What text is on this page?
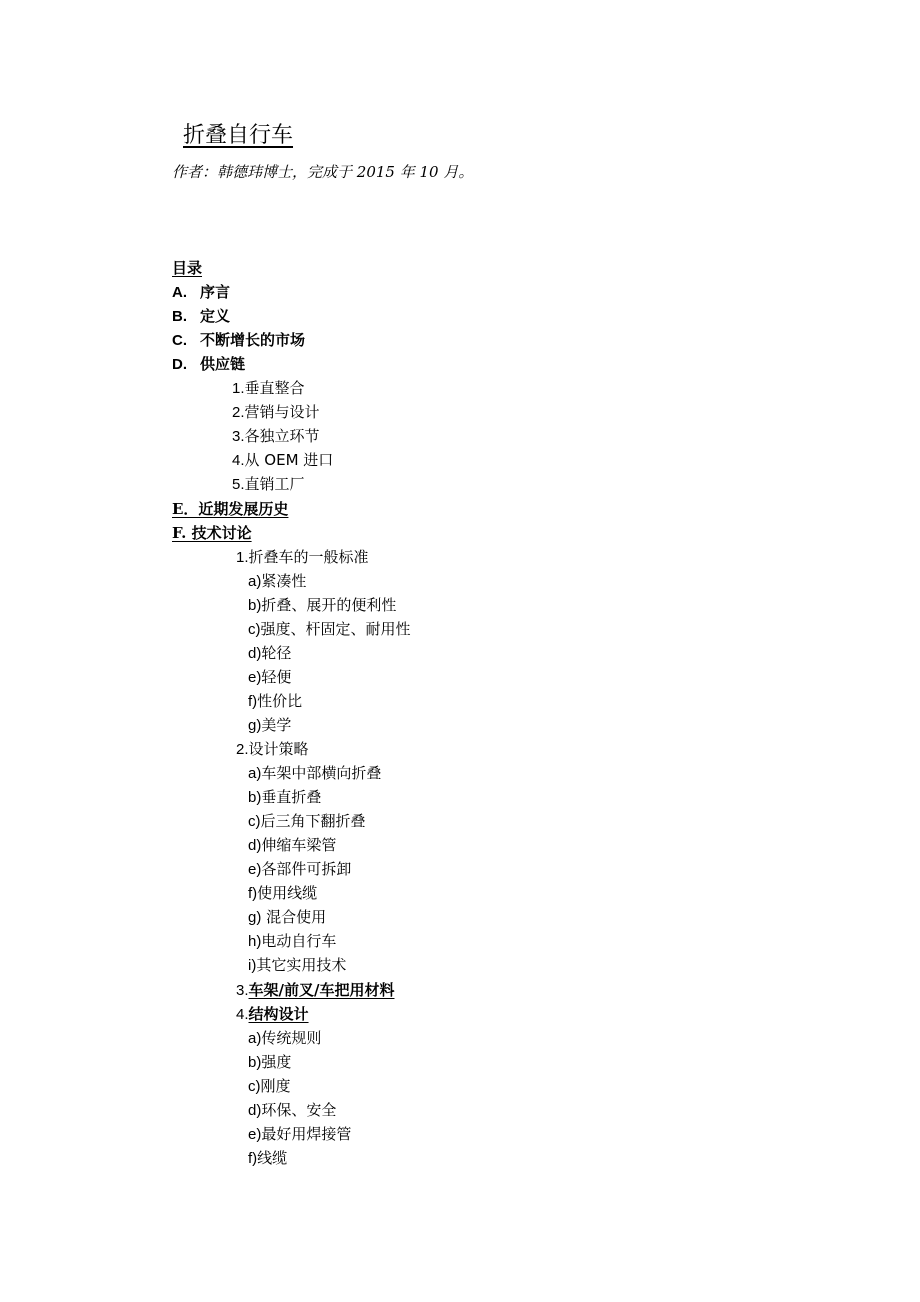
折叠自行车
作者：韩德玮博士，完成于 2015 年 10 月。
目录
A. 序言
B. 定义
C. 不断增长的市场
D. 供应链
1.垂直整合
2.营销与设计
3.各独立环节
4.从 OEM 进口
5.直销工厂
E．近期发展历史
F. 技术讨论
1.折叠车的一般标准
a)紧凑性
b)折叠、展开的便利性
c)强度、杆固定、耐用性
d)轮径
e)轻便
f)性价比
g)美学
2.设计策略
a)车架中部横向折叠
b)垂直折叠
c)后三角下翻折叠
d)伸缩车梁管
e)各部件可拆卸
f)使用线缆
g) 混合使用
h)电动自行车
i)其它实用技术
3.车架/前叉/车把用材料
4.结构设计
a)传统规则
b)强度
c)刚度
d)环保、安全
e)最好用焊接管
f)线缆
